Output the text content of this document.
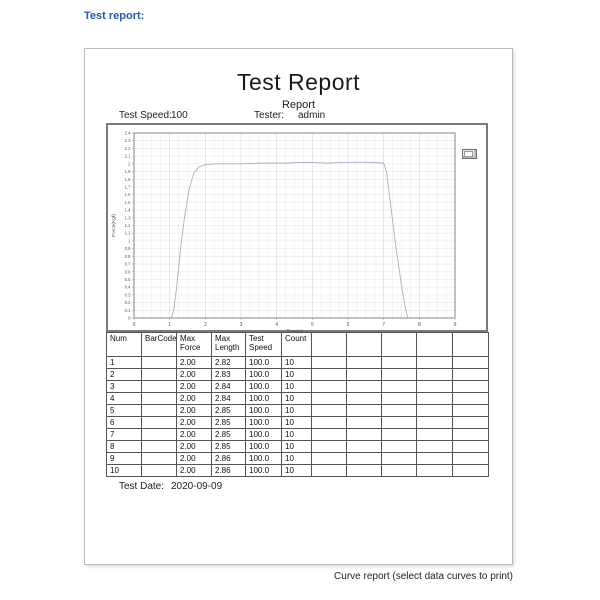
Test report:
Test Report
Report
Test Speed: 100	Tester: admin
0
0.1
0.2
0.3
0.4
0.5
0.6
0.7
0.8
0.9
1
1.1
1.2
1.3
1.4
1.5
1.6
1.7
1.8
1.9
2
2.1
2.2
2.3
2.4
0	1	2	3	4	5	6	7	8	9
Time(s)
Force(Kgf)
Num	BarCode	Max Force	Max Length	Test Speed	Count					
1		2.00	2.82	100.0	10					
2		2.00	2.83	100.0	10					
3		2.00	2.84	100.0	10					
4		2.00	2.84	100.0	10					
5		2.00	2.85	100.0	10					
6		2.00	2.85	100.0	10					
7		2.00	2.85	100.0	10					
8		2.00	2.85	100.0	10					
9		2.00	2.86	100.0	10					
10		2.00	2.86	100.0	10					
Test Date: 2020-09-09
Curve report (select data curves to print)
